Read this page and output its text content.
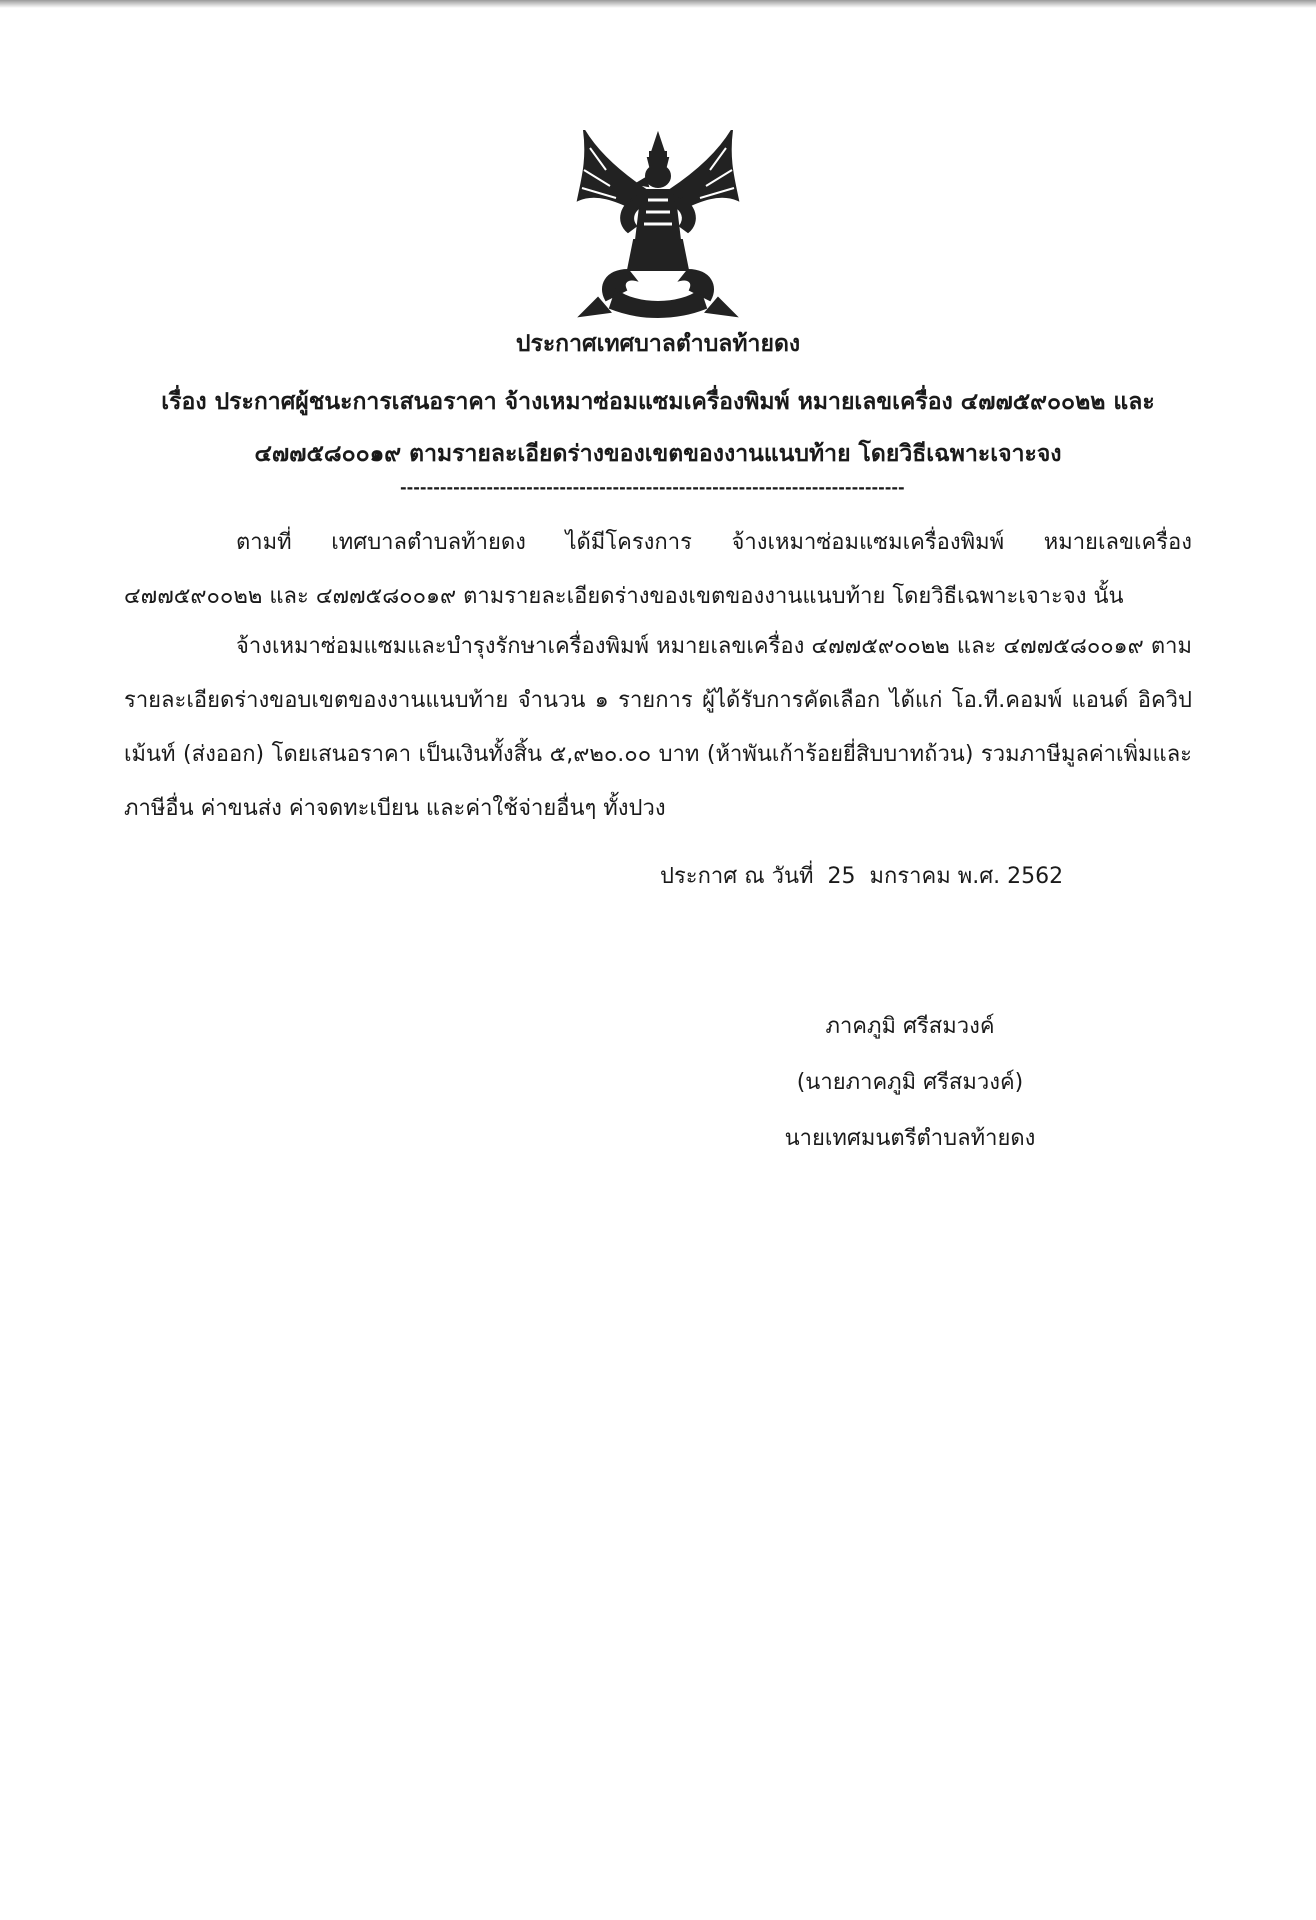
ประกาศเทศบาลตำบลท้ายดง
เรื่อง ประกาศผู้ชนะการเสนอราคา จ้างเหมาซ่อมแซมเครื่องพิมพ์ หมายเลขเครื่อง ๔๗๗๕๙๐๐๒๒ และ
๔๗๗๕๘๐๐๑๙ ตามรายละเอียดร่างของเขตของงานแนบท้าย โดยวิธีเฉพาะเจาะจง
----------------------------------------------------------------------------
ตามที่ เทศบาลตำบลท้ายดง ได้มีโครงการ จ้างเหมาซ่อมแซมเครื่องพิมพ์ หมายเลขเครื่อง ๔๗๗๕๙๐๐๒๒ และ ๔๗๗๕๘๐๐๑๙ ตามรายละเอียดร่างของเขตของงานแนบท้าย โดยวิธีเฉพาะเจาะจง นั้น
จ้างเหมาซ่อมแซมและบำรุงรักษาเครื่องพิมพ์ หมายเลขเครื่อง ๔๗๗๕๙๐๐๒๒ และ ๔๗๗๕๘๐๐๑๙ ตามรายละเอียดร่างขอบเขตของงานแนบท้าย จำนวน ๑ รายการ ผู้ได้รับการคัดเลือก ได้แก่ โอ.ที.คอมพ์ แอนด์ อิควิปเม้นท์ (ส่งออก) โดยเสนอราคา เป็นเงินทั้งสิ้น ๕,๙๒๐.๐๐ บาท (ห้าพันเก้าร้อยยี่สิบบาทถ้วน) รวมภาษีมูลค่าเพิ่มและภาษีอื่น ค่าขนส่ง ค่าจดทะเบียน และค่าใช้จ่ายอื่นๆ ทั้งปวง
ประกาศ ณ วันที่  25  มกราคม พ.ศ. 2562
ภาคภูมิ ศรีสมวงค์
(นายภาคภูมิ ศรีสมวงค์)
นายเทศมนตรีตำบลท้ายดง
